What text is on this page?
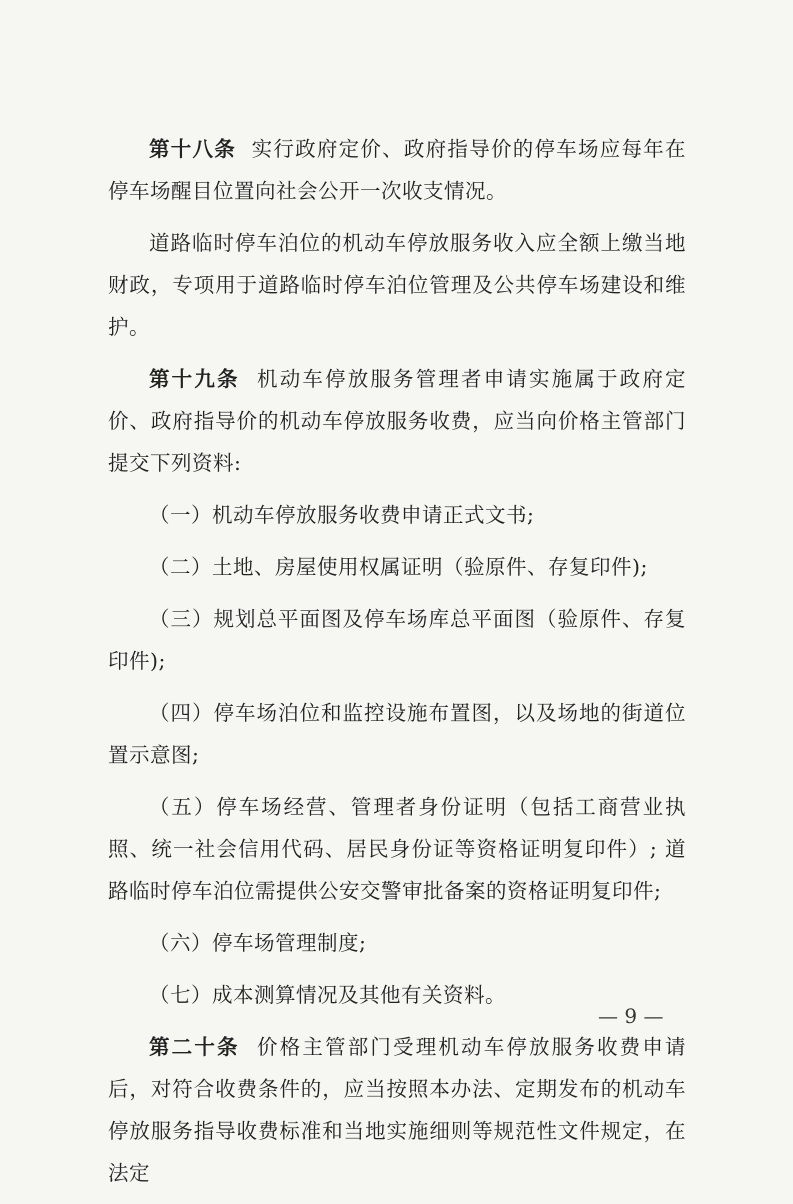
第十八条 实行政府定价、政府指导价的停车场应每年在停车场醒目位置向社会公开一次收支情况。

道路临时停车泊位的机动车停放服务收入应全额上缴当地财政，专项用于道路临时停车泊位管理及公共停车场建设和维护。

第十九条 机动车停放服务管理者申请实施属于政府定价、政府指导价的机动车停放服务收费，应当向价格主管部门提交下列资料:

（一）机动车停放服务收费申请正式文书;

（二）土地、房屋使用权属证明（验原件、存复印件);

（三）规划总平面图及停车场库总平面图（验原件、存复印件);

（四）停车场泊位和监控设施布置图，以及场地的街道位置示意图;

（五）停车场经营、管理者身份证明（包括工商营业执照、统一社会信用代码、居民身份证等资格证明复印件）; 道路临时停车泊位需提供公安交警审批备案的资格证明复印件;

（六）停车场管理制度;

（七）成本测算情况及其他有关资料。

第二十条 价格主管部门受理机动车停放服务收费申请后，对符合收费条件的，应当按照本办法、定期发布的机动车停放服务指导收费标准和当地实施细则等规范性文件规定，在法定

— 9 —
